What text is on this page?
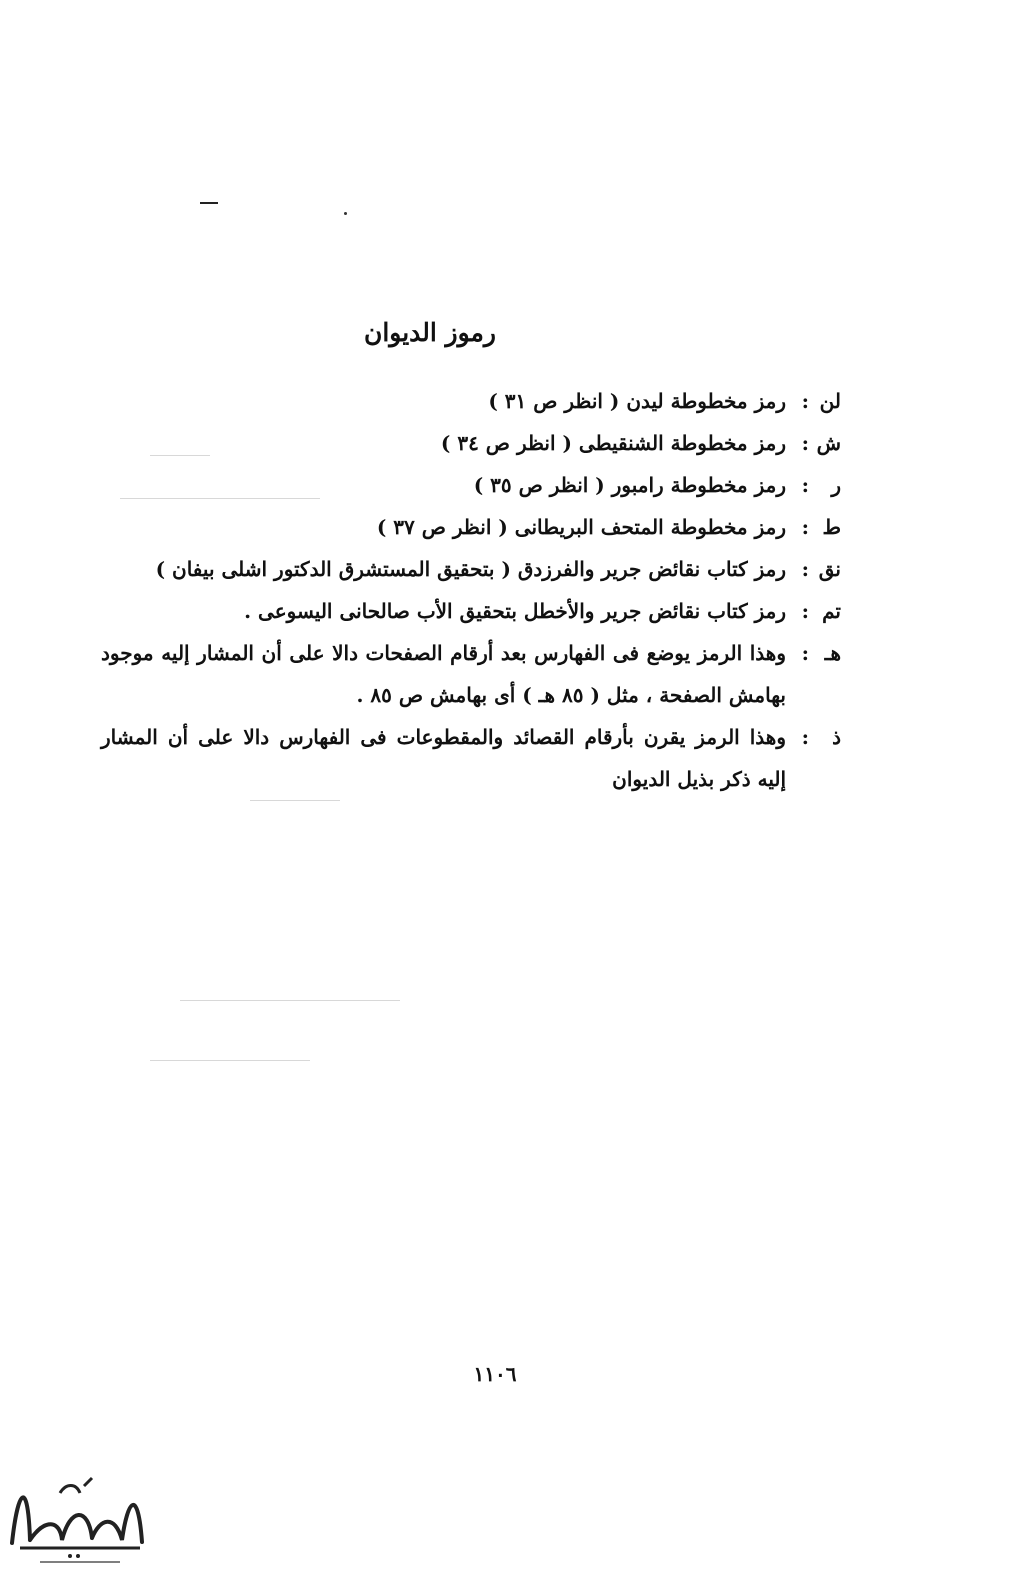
رموز الديوان
لن
:
رمز مخطوطة ليدن ( انظر ص ٣١ )
ش
:
رمز مخطوطة الشنقيطى ( انظر ص ٣٤ )
ر
:
رمز مخطوطة رامبور ( انظر ص ٣٥ )
ط
:
رمز مخطوطة المتحف البريطانى ( انظر ص ٣٧ )
نق
:
رمز كتاب نقائض جرير والفرزدق ( بتحقيق المستشرق الدكتور اشلى بيفان )
تم
:
رمز كتاب نقائض جرير والأخطل بتحقيق الأب صالحانى اليسوعى .
هـ
:
وهذا الرمز يوضع فى الفهارس بعد أرقام الصفحات دالا على أن المشار إليه موجود بهامش الصفحة ، مثل ( ٨٥ هـ ) أى بهامش ص ٨٥ .
ذ
:
وهذا الرمز يقرن بأرقام القصائد والمقطوعات فى الفهارس دالا على أن المشار إليه ذكر بذيل الديوان
١١٠٦
